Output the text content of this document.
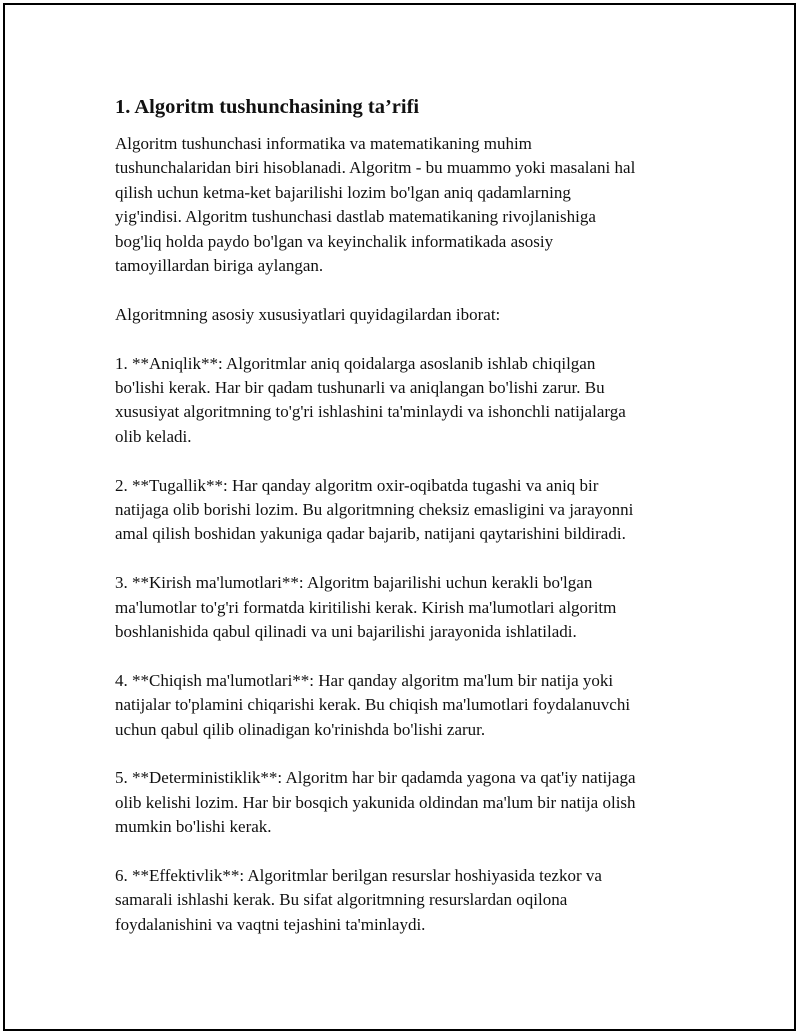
1. Algoritm tushunchasining ta’rifi

Algoritm tushunchasi informatika va matematikaning muhim
tushunchalaridan biri hisoblanadi. Algoritm - bu muammo yoki masalani hal
qilish uchun ketma-ket bajarilishi lozim bo'lgan aniq qadamlarning
yig'indisi. Algoritm tushunchasi dastlab matematikaning rivojlanishiga
bog'liq holda paydo bo'lgan va keyinchalik informatikada asosiy
tamoyillardan biriga aylangan.

Algoritmning asosiy xususiyatlari quyidagilardan iborat:

1. **Aniqlik**: Algoritmlar aniq qoidalarga asoslanib ishlab chiqilgan
bo'lishi kerak. Har bir qadam tushunarli va aniqlangan bo'lishi zarur. Bu
xususiyat algoritmning to'g'ri ishlashini ta'minlaydi va ishonchli natijalarga
olib keladi.

2. **Tugallik**: Har qanday algoritm oxir-oqibatda tugashi va aniq bir
natijaga olib borishi lozim. Bu algoritmning cheksiz emasligini va jarayonni
amal qilish boshidan yakuniga qadar bajarib, natijani qaytarishini bildiradi.

3. **Kirish ma'lumotlari**: Algoritm bajarilishi uchun kerakli bo'lgan
ma'lumotlar to'g'ri formatda kiritilishi kerak. Kirish ma'lumotlari algoritm
boshlanishida qabul qilinadi va uni bajarilishi jarayonida ishlatiladi.

4. **Chiqish ma'lumotlari**: Har qanday algoritm ma'lum bir natija yoki
natijalar to'plamini chiqarishi kerak. Bu chiqish ma'lumotlari foydalanuvchi
uchun qabul qilib olinadigan ko'rinishda bo'lishi zarur.

5. **Deterministiklik**: Algoritm har bir qadamda yagona va qat'iy natijaga
olib kelishi lozim. Har bir bosqich yakunida oldindan ma'lum bir natija olish
mumkin bo'lishi kerak.

6. **Effektivlik**: Algoritmlar berilgan resurslar hoshiyasida tezkor va
samarali ishlashi kerak. Bu sifat algoritmning resurslardan oqilona
foydalanishini va vaqtni tejashini ta'minlaydi.
